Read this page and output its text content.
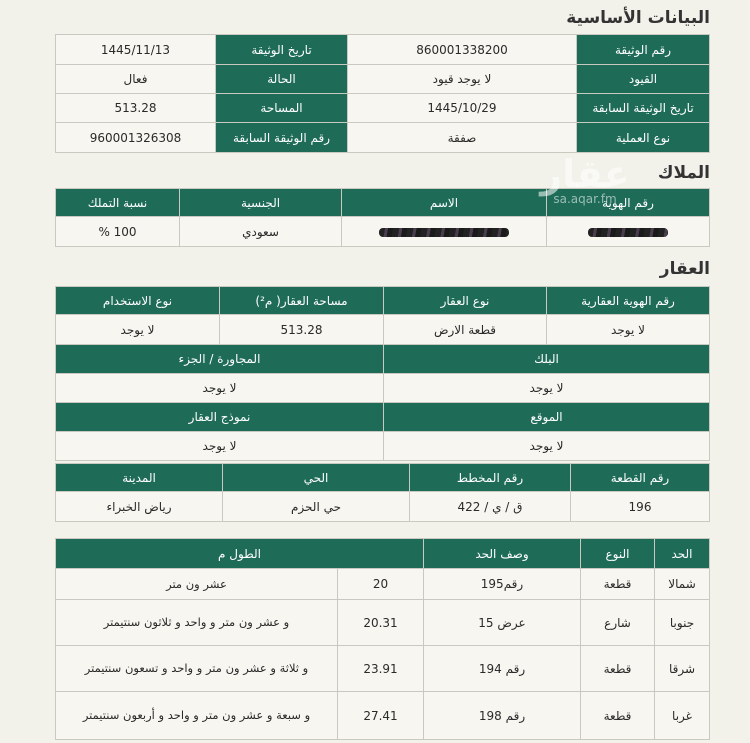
البيانات الأساسية
رقم الوثيقة	860001338200	تاريخ الوثيقة	1445/11/13
القيود	لا يوجد قيود	الحالة	فعال
تاريخ الوثيقة السابقة	1445/10/29	المساحة	513.28
نوع العملية	صفقة	رقم الوثيقة السابقة	960001326308
الملاك
رقم الهوية	الاسم	الجنسية	نسبة التملك
		سعودي	100 %
عقار
sa.aqar.fm
العقار
رقم الهوية العقارية	نوع العقار	مساحة العقار( م²)	نوع الاستخدام
لا يوجد	قطعة الارض	513.28	لا يوجد
البلك		المجاورة / الجزء	
لا يوجد		لا يوجد	
الموقع		نموذج العقار	
لا يوجد		لا يوجد	
رقم القطعة	رقم المخطط	الحي	المدينة
196	ق / ي / 422	حي الحزم	رياض الخبراء
الحد	النوع	وصف الحد	الطول م	
شمالا	قطعة	رقم195	20	عشر ون متر
جنوبا	شارع	عرض 15	20.31	و عشر ون متر و واحد و ثلاثون سنتيمتر
شرقا	قطعة	رقم 194	23.91	و ثلاثة و عشر ون متر و واحد و تسعون سنتيمتر
غربا	قطعة	رقم 198	27.41	و سبعة و عشر ون متر و واحد و أربعون سنتيمتر
